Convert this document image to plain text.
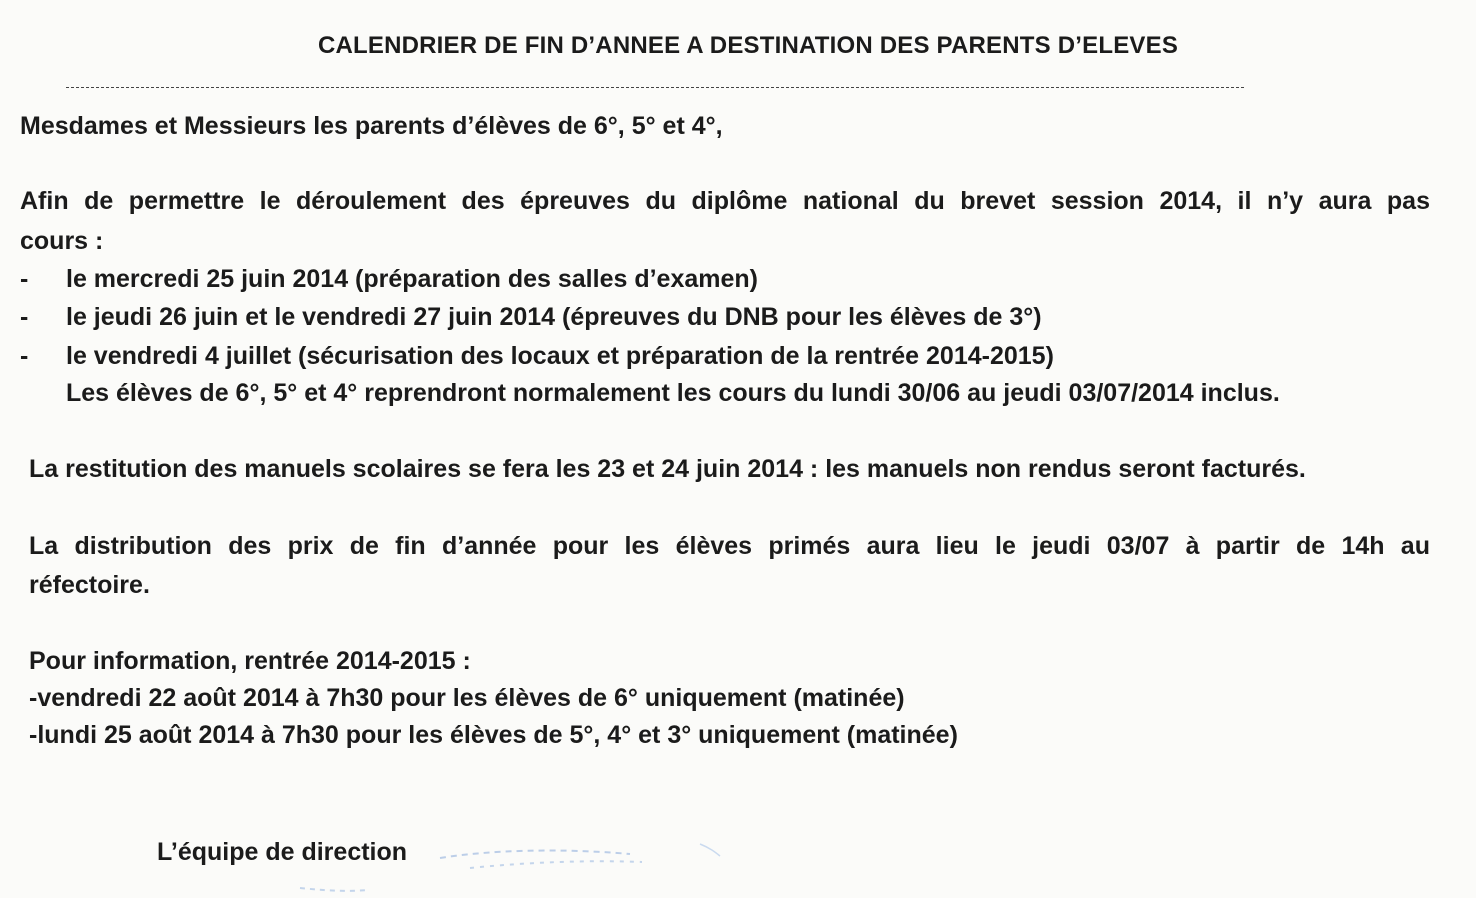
CALENDRIER DE FIN D’ANNEE A DESTINATION DES PARENTS D’ELEVES
Mesdames et Messieurs les parents d’élèves de 6°, 5° et 4°,
Afin de permettre le déroulement des épreuves du diplôme national du brevet session 2014, il n’y aura pas
cours :
- le mercredi 25 juin 2014 (préparation des salles d’examen)
- le jeudi 26 juin et le vendredi 27 juin 2014 (épreuves du DNB pour les élèves de 3°)
- le vendredi 4 juillet (sécurisation des locaux et préparation de la rentrée 2014-2015)
Les élèves de 6°, 5° et 4° reprendront normalement les cours du lundi 30/06 au jeudi 03/07/2014 inclus.
La restitution des manuels scolaires se fera les 23 et 24 juin 2014 : les manuels non rendus seront facturés.
La distribution des prix de fin d’année pour les élèves primés aura lieu le jeudi 03/07 à partir de 14h au
réfectoire.
Pour information, rentrée 2014-2015 :
-vendredi 22 août 2014 à 7h30 pour les élèves de 6° uniquement (matinée)
-lundi 25 août 2014 à 7h30 pour les élèves de 5°, 4° et 3° uniquement (matinée)
L’équipe de direction
